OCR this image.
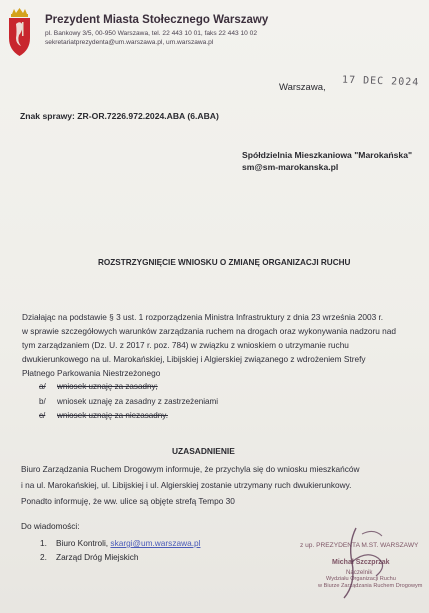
Prezydent Miasta Stołecznego Warszawy
pl. Bankowy 3/5, 00-950 Warszawa, tel. 22 443 10 01, faks 22 443 10 02
sekretariatprezydenta@um.warszawa.pl, um.warszawa.pl
Warszawa, 17 DEC 2024
Znak sprawy: ZR-OR.7226.972.2024.ABA (6.ABA)
Spółdzielnia Mieszkaniowa "Marokańska"
sm@sm-marokanska.pl
ROZSTRZYGNIĘCIE WNIOSKU O ZMIANĘ ORGANIZACJI RUCHU
Działając na podstawie § 3 ust. 1 rozporządzenia Ministra Infrastruktury z dnia 23 września 2003 r.
w sprawie szczegółowych warunków zarządzania ruchem na drogach oraz wykonywania nadzoru nad
tym zarządzaniem (Dz. U. z 2017 r. poz. 784) w związku z wnioskiem o utrzymanie ruchu
dwukierunkowego na ul. Marokańskiej, Libijskiej i Algierskiej związanego z wdrożeniem Strefy
Płatnego Parkowania Niestrzeżonego
a/ wniosek uznaję za zasadny;
b/ wniosek uznaję za zasadny z zastrzeżeniami
c/ wniosek uznaję za niezasadny.
UZASADNIENIE
Biuro Zarządzania Ruchem Drogowym informuje, że przychyla się do wniosku mieszkańców
i na ul. Marokańskiej, ul. Libijskiej i ul. Algierskiej zostanie utrzymany ruch dwukierunkowy.
Ponadto informuję, że ww. ulice są objęte strefą Tempo 30
Do wiadomości:
1. Biuro Kontroli, skargi@um.warszawa.pl
2. Zarząd Dróg Miejskich
z up. PREZYDENTA M.ST. WARSZAWY
Michał Szczprzak
Naczelnik
Wydziału Organizacji Ruchu
w Biurze Zarządzania Ruchem Drogowym
